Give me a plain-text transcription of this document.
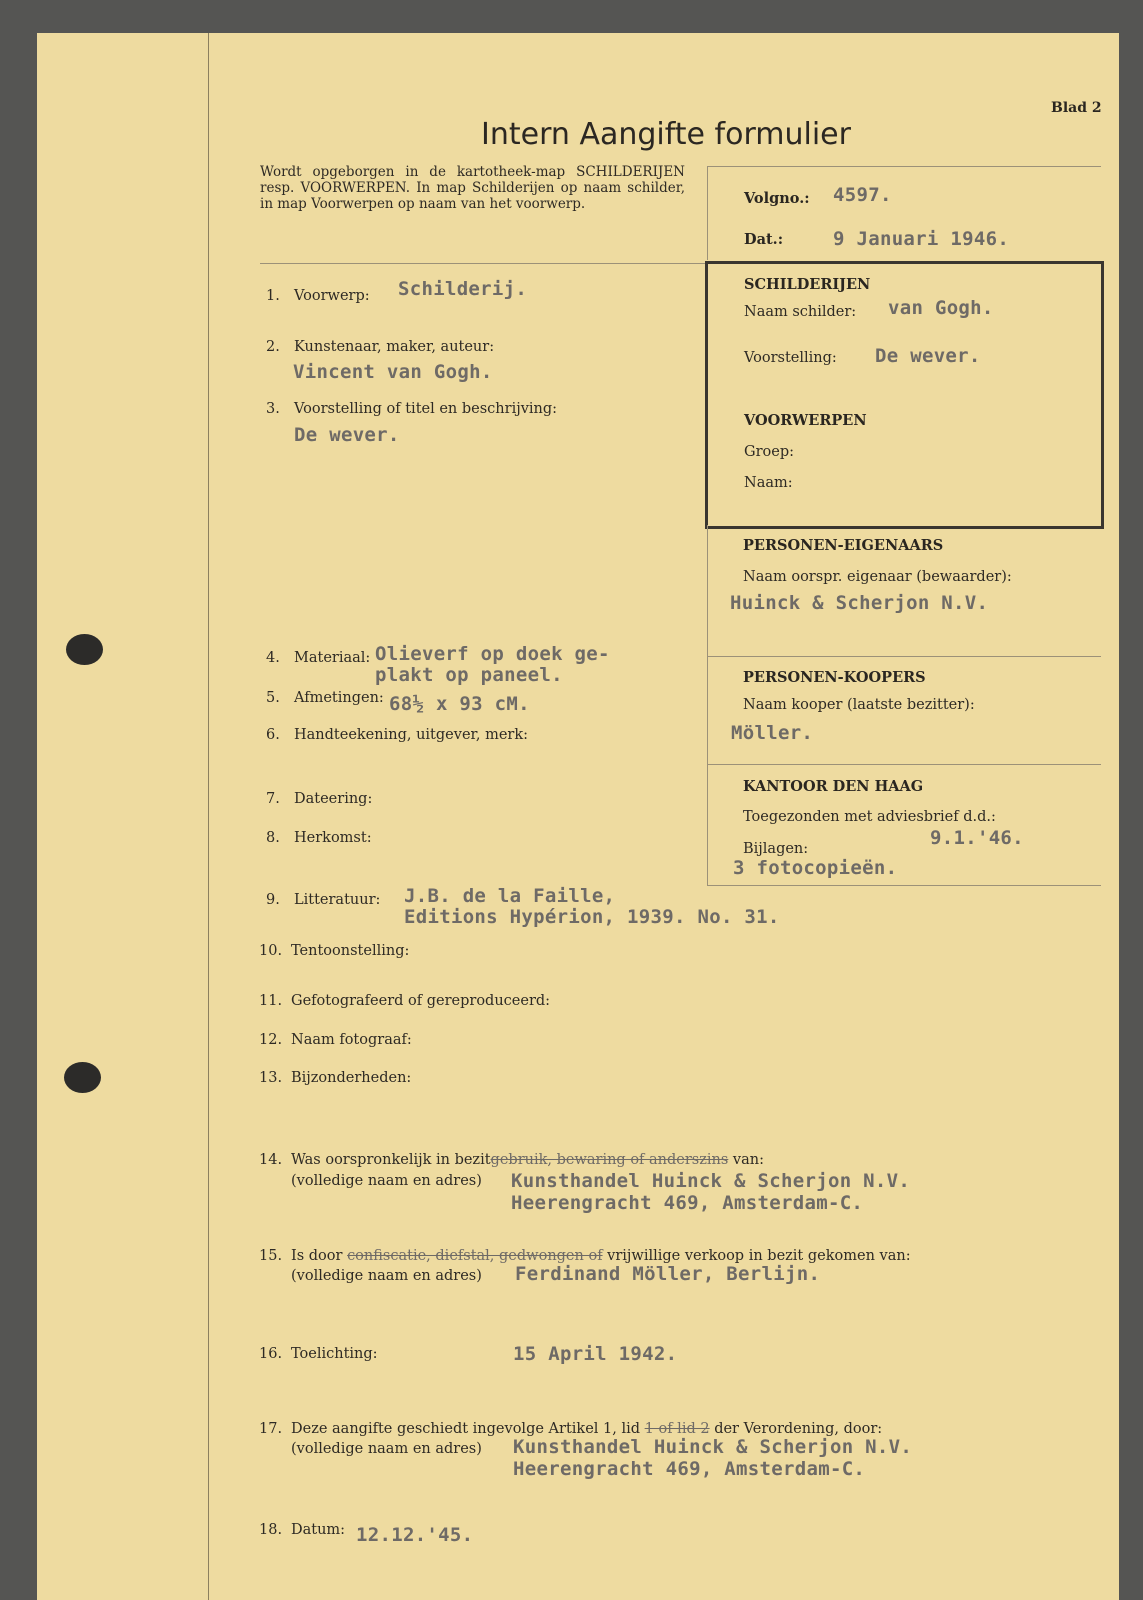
Blad 2
Intern Aangifte formulier
Wordt opgeborgen in de kartotheek-map SCHILDERIJEN resp. VOORWERPEN. In map Schilderijen op naam schilder, in map Voorwerpen op naam van het voorwerp.	Volgno.: 4597.
Dat.:	9 Januari 1946.
SCHILDERIJEN
Naam schilder: van Gogh.
Voorstelling: De wever.
VOORWERPEN
Groep:
Naam:
PERSONEN-EIGENAARS
Naam oorspr. eigenaar (bewaarder):
Huinck & Scherjon N.V.
PERSONEN-KOOPERS
Naam kooper (laatste bezitter):
Möller.
KANTOOR DEN HAAG
Toegezonden met adviesbrief d.d.:
9.1.'46.
Bijlagen:
3 fotocopieën.
1. Voorwerp: Schilderij.
2. Kunstenaar, maker, auteur:
Vincent van Gogh.
3. Voorstelling of titel en beschrijving:
De wever.
4. Materiaal: Olieverf op doek ge-
plakt op paneel.
5. Afmetingen: 68½ x 93 cM.
6. Handteekening, uitgever, merk:
7. Dateering:
8. Herkomst:
9. Litteratuur: J.B. de la Faille,
Editions Hypérion, 1939. No. 31.
10. Tentoonstelling:
11. Gefotografeerd of gereproduceerd:
12. Naam fotograaf:
13. Bijzonderheden:
14. Was oorspronkelijk in bezitgebruik, bewaring of anderszins van:
(volledige naam en adres) Kunsthandel Huinck & Scherjon N.V.
Heerengracht 469, Amsterdam-C.
15. Is door confiscatie, diefstal, gedwongen of vrijwillige verkoop in bezit gekomen van:
(volledige naam en adres) Ferdinand Möller, Berlijn.
16. Toelichting:	15 April 1942.
17. Deze aangifte geschiedt ingevolge Artikel 1, lid 1 of lid 2 der Verordening, door:
(volledige naam en adres) Kunsthandel Huinck & Scherjon N.V.
Heerengracht 469, Amsterdam-C.
18. Datum: 12.12.'45.
